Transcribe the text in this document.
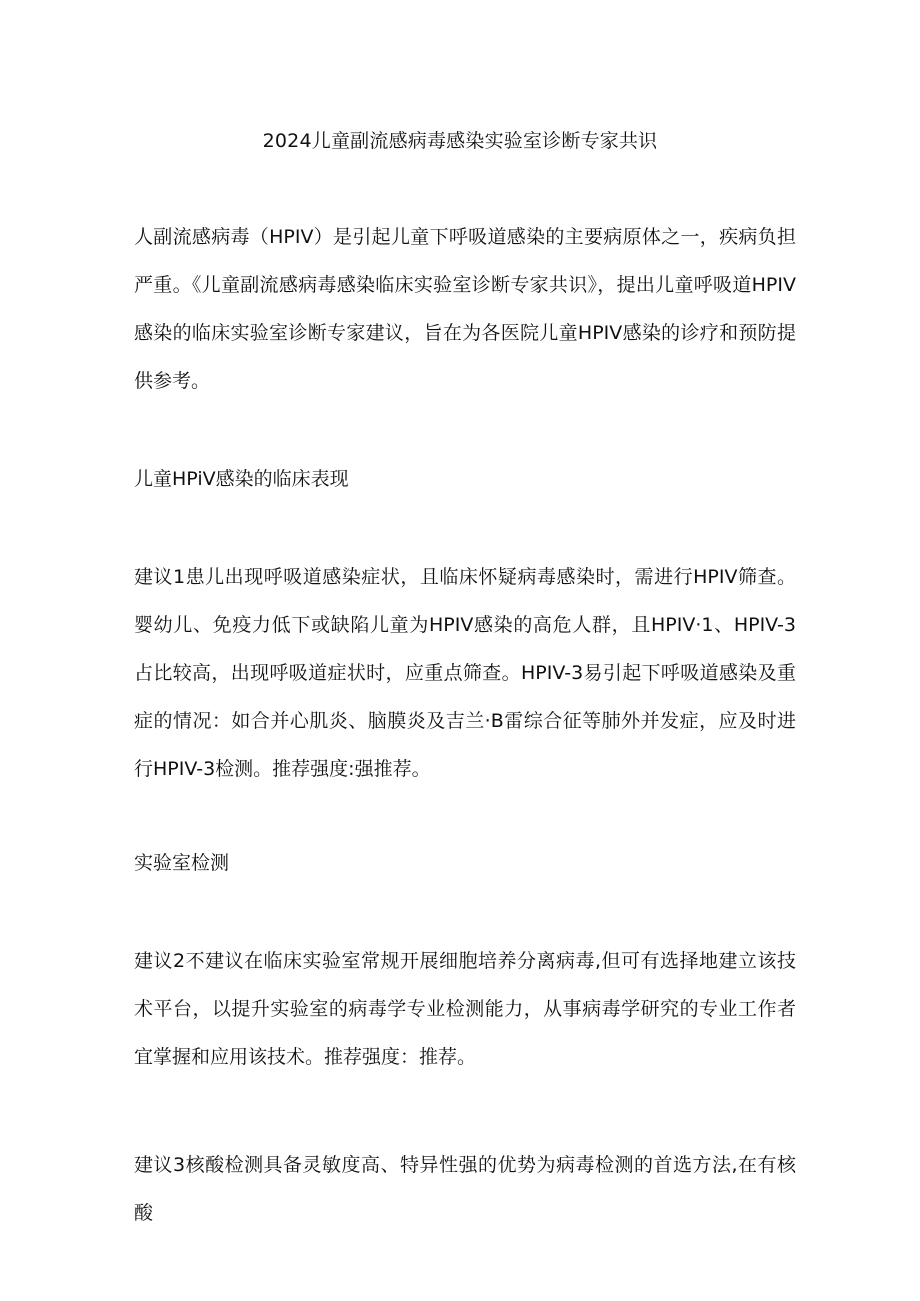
2024儿童副流感病毒感染实验室诊断专家共识
人副流感病毒（HPIV）是引起儿童下呼吸道感染的主要病原体之一，疾病负担严重。《儿童副流感病毒感染临床实验室诊断专家共识》，提出儿童呼吸道HPIV感染的临床实验室诊断专家建议，旨在为各医院儿童HPIV感染的诊疗和预防提供参考。
儿童HPiV感染的临床表现
建议1患儿出现呼吸道感染症状，且临床怀疑病毒感染时，需进行HPIV筛查。婴幼儿、免疫力低下或缺陷儿童为HPIV感染的高危人群，且HPIV·1、HPIV-3占比较高，出现呼吸道症状时，应重点筛查。HPIV-3易引起下呼吸道感染及重症的情况：如合并心肌炎、脑膜炎及吉兰·B雷综合征等肺外并发症，应及时进行HPIV-3检测。推荐强度:强推荐。
实验室检测
建议2不建议在临床实验室常规开展细胞培养分离病毒,但可有选择地建立该技术平台，以提升实验室的病毒学专业检测能力，从事病毒学研究的专业工作者宜掌握和应用该技术。推荐强度：推荐。
建议3核酸检测具备灵敏度高、特异性强的优势为病毒检测的首选方法,在有核酸
